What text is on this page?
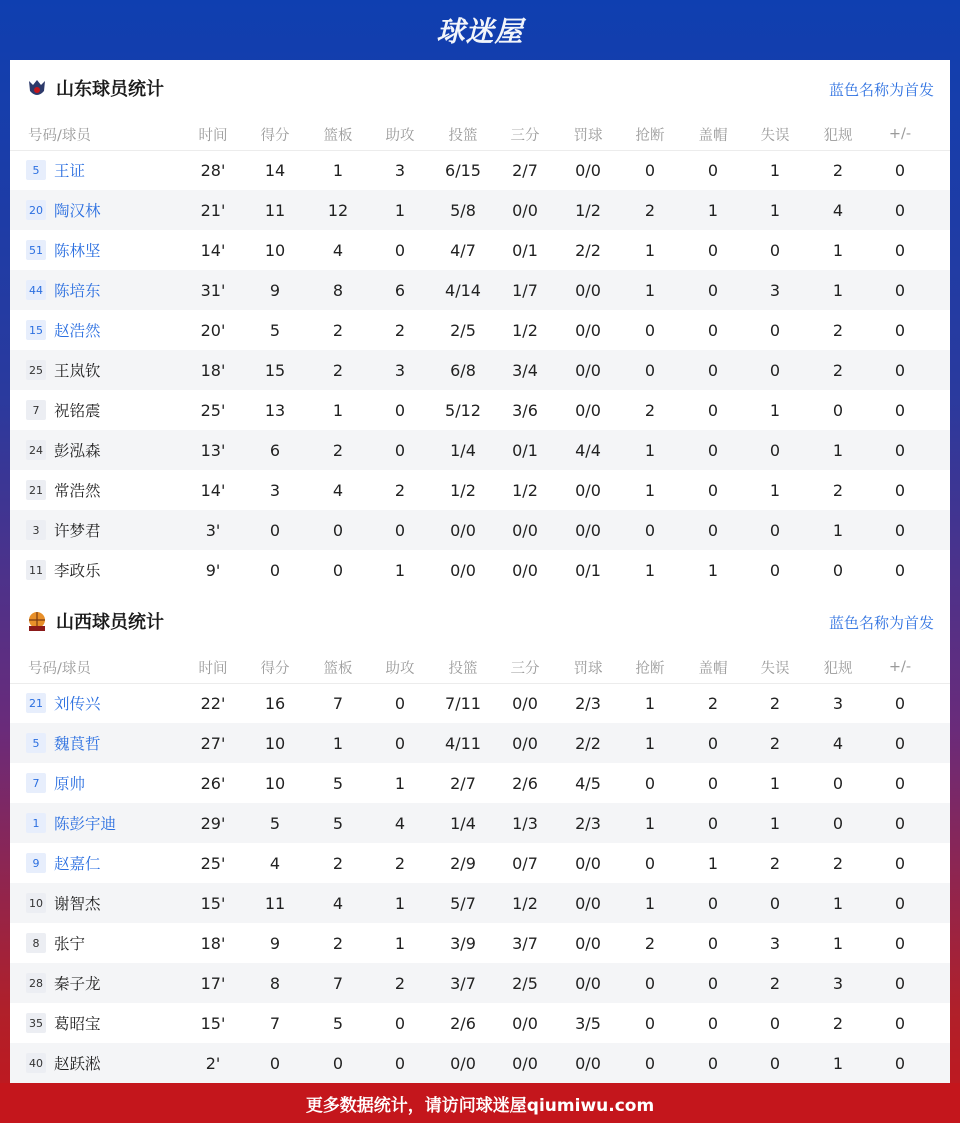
球迷屋
山东球员统计	蓝色名称为首发
号码/球员	时间	得分	篮板	助攻	投篮	三分	罚球	抢断	盖帽	失误	犯规	+/-
5 王证	28'	14	1	3	6/15	2/7	0/0	0	0	1	2	0
20 陶汉林	21'	11	12	1	5/8	0/0	1/2	2	1	1	4	0
51 陈林坚	14'	10	4	0	4/7	0/1	2/2	1	0	0	1	0
44 陈培东	31'	9	8	6	4/14	1/7	0/0	1	0	3	1	0
15 赵浩然	20'	5	2	2	2/5	1/2	0/0	0	0	0	2	0
25 王岚钦	18'	15	2	3	6/8	3/4	0/0	0	0	0	2	0
7 祝铭震	25'	13	1	0	5/12	3/6	0/0	2	0	1	0	0
24 彭泓森	13'	6	2	0	1/4	0/1	4/4	1	0	0	1	0
21 常浩然	14'	3	4	2	1/2	1/2	0/0	1	0	1	2	0
3 许梦君	3'	0	0	0	0/0	0/0	0/0	0	0	0	1	0
11 李政乐	9'	0	0	1	0/0	0/0	0/1	1	1	0	0	0
山西球员统计	蓝色名称为首发
号码/球员	时间	得分	篮板	助攻	投篮	三分	罚球	抢断	盖帽	失误	犯规	+/-
21 刘传兴	22'	16	7	0	7/11	0/0	2/3	1	2	2	3	0
5 魏莨哲	27'	10	1	0	4/11	0/0	2/2	1	0	2	4	0
7 原帅	26'	10	5	1	2/7	2/6	4/5	0	0	1	0	0
1 陈彭宇迪	29'	5	5	4	1/4	1/3	2/3	1	0	1	0	0
9 赵嘉仁	25'	4	2	2	2/9	0/7	0/0	0	1	2	2	0
10 谢智杰	15'	11	4	1	5/7	1/2	0/0	1	0	0	1	0
8 张宁	18'	9	2	1	3/9	3/7	0/0	2	0	3	1	0
28 秦子龙	17'	8	7	2	3/7	2/5	0/0	0	0	2	3	0
35 葛昭宝	15'	7	5	0	2/6	0/0	3/5	0	0	0	2	0
40 赵跃淞	2'	0	0	0	0/0	0/0	0/0	0	0	0	1	0
更多数据统计，请访问球迷屋qiumiwu.com
